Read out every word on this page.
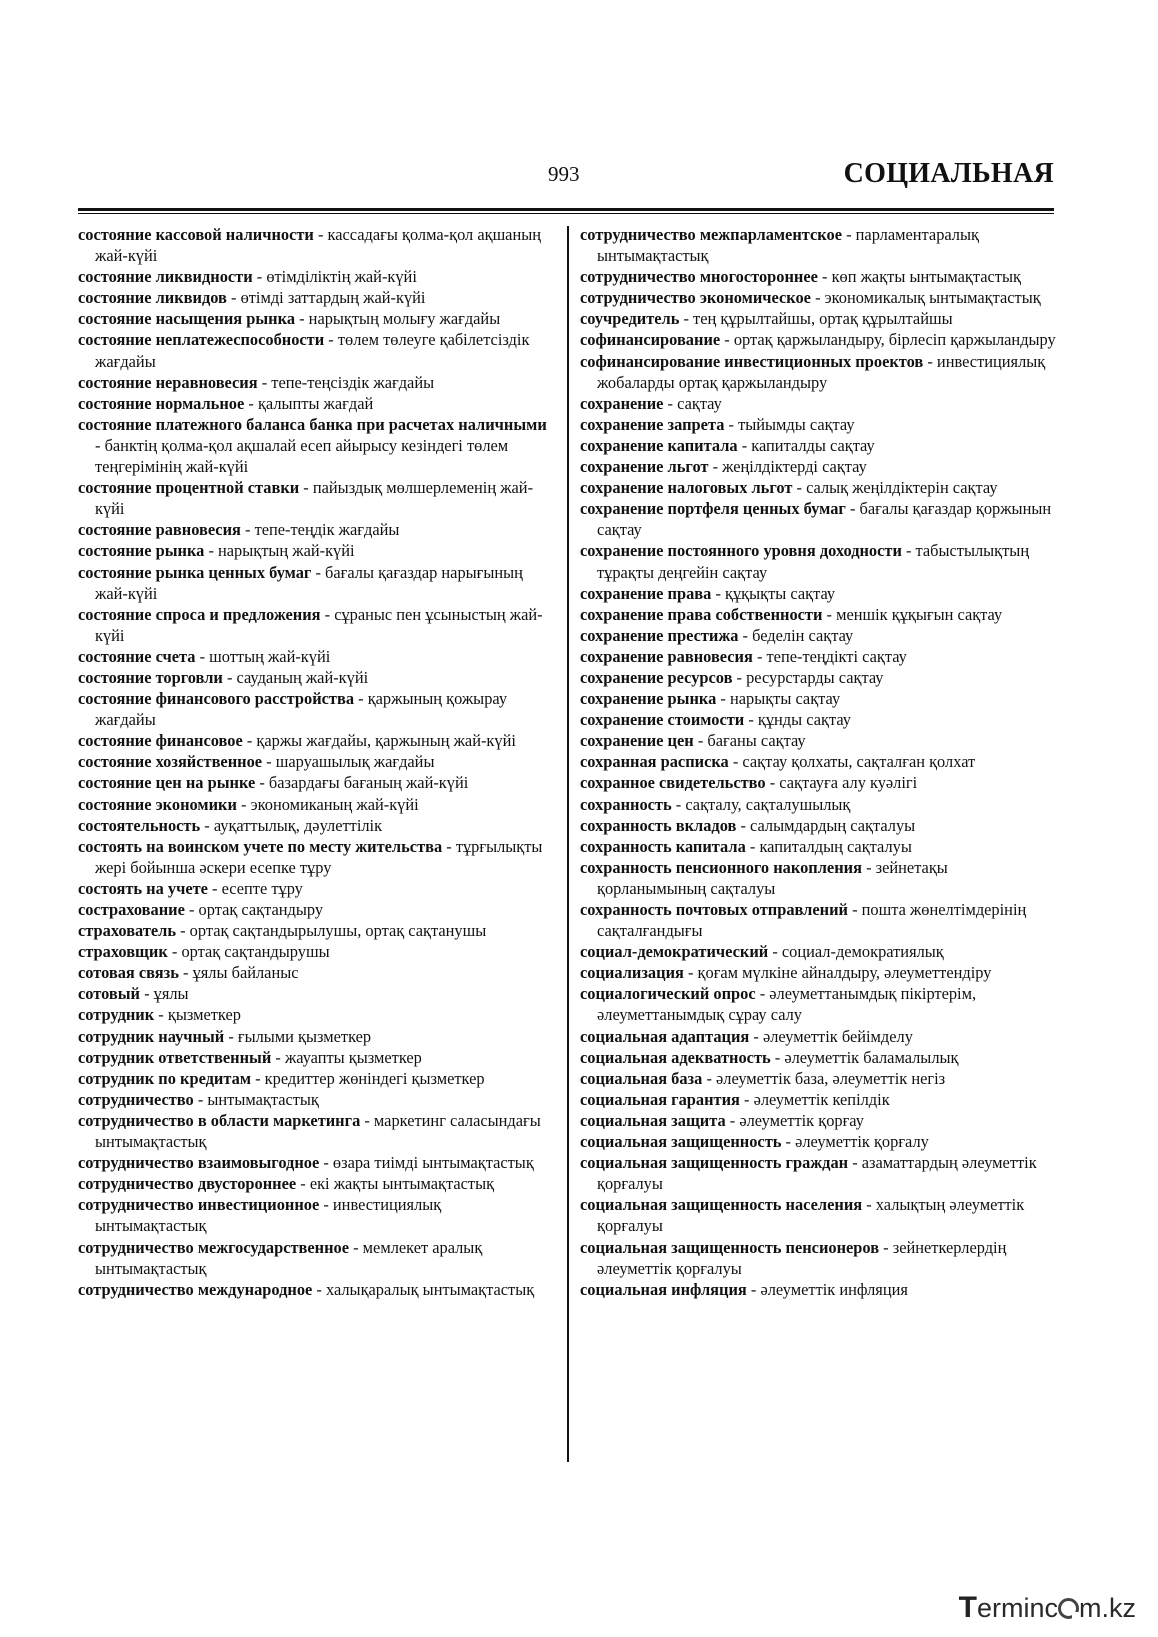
993	СОЦИАЛЬНАЯ
состояние кассовой наличности - кассадағы қолма-қол ақшаның жай-күйі
состояние ликвидности - өтімділіктің жай-күйі
состояние ликвидов - өтімді заттардың жай-күйі
состояние насыщения рынка - нарықтың молығу жағдайы
состояние неплатежеспособности - төлем төлеуге қабілетсіздік жағдайы
состояние неравновесия - тепе-теңсіздік жағдайы
состояние нормальное - қалыпты жағдай
состояние платежного баланса банка при расчетах наличными - банктің қолма-қол ақшалай есеп айырысу кезіндегі төлем теңгерімінің жай-күйі
состояние процентной ставки - пайыздық мөлшерлеменің жай-күйі
состояние равновесия - тепе-теңдік жағдайы
состояние рынка - нарықтың жай-күйі
состояние рынка ценных бумаг - бағалы қағаздар нарығының жай-күйі
состояние спроса и предложения - сұраныс пен ұсыныстың жай-күйі
состояние счета - шоттың жай-күйі
состояние торговли - сауданың жай-күйі
состояние финансового расстройства - қаржының қожырау жағдайы
состояние финансовое - қаржы жағдайы, қаржының жай-күйі
состояние хозяйственное - шаруашылық жағдайы
состояние цен на рынке - базардағы бағаның жай-күйі
состояние экономики - экономиканың жай-күйі
состоятельность - ауқаттылық, дәулеттілік
состоять на воинском учете по месту жительства - тұрғылықты жері бойынша әскери есепке тұру
состоять на учете - есепте тұру
сострахование - ортақ сақтандыру
страхователь - ортақ сақтандырылушы, ортақ сақтанушы
страховщик - ортақ сақтандырушы
сотовая связь - ұялы байланыс
сотовый - ұялы
сотрудник - қызметкер
сотрудник научный - ғылыми қызметкер
сотрудник ответственный - жауапты қызметкер
сотрудник по кредитам - кредиттер жөніндегі қызметкер
сотрудничество - ынтымақтастық
сотрудничество в области маркетинга - маркетинг саласындағы ынтымақтастық
сотрудничество взаимовыгодное - өзара тиімді ынтымақтастық
сотрудничество двустороннее - екі жақты ынтымақтастық
сотрудничество инвестиционное - инвестициялық ынтымақтастық
сотрудничество межгосударственное - мемлекет аралық ынтымақтастық
сотрудничество международное - халықаралық ынтымақтастық
сотрудничество межпарламентское - парламентаралық ынтымақтастық
сотрудничество многостороннее - көп жақты ынтымақтастық
сотрудничество экономическое - экономикалық ынтымақтастық
соучредитель - тең құрылтайшы, ортақ құрылтайшы
софинансирование - ортақ қаржыландыру, бірлесіп қаржыландыру
софинансирование инвестиционных проектов - инвестициялық жобаларды ортақ қаржыландыру
сохранение - сақтау
сохранение запрета - тыйымды сақтау
сохранение капитала - капиталды сақтау
сохранение льгот - жеңілдіктерді сақтау
сохранение налоговых льгот - салық жеңілдіктерін сақтау
сохранение портфеля ценных бумаг - бағалы қағаздар қоржынын сақтау
сохранение постоянного уровня доходности - табыстылықтың тұрақты деңгейін сақтау
сохранение права - құқықты сақтау
сохранение права собственности - меншік құқығын сақтау
сохранение престижа - беделін сақтау
сохранение равновесия - тепе-теңдікті сақтау
сохранение ресурсов - ресурстарды сақтау
сохранение рынка - нарықты сақтау
сохранение стоимости - құнды сақтау
сохранение цен - бағаны сақтау
сохранная расписка - сақтау қолхаты, сақталған қолхат
сохранное свидетельство - сақтауға алу куәлігі
сохранность - сақталу, сақталушылық
сохранность вкладов - салымдардың сақталуы
сохранность капитала - капиталдың сақталуы
сохранность пенсионного накопления - зейнетақы қорланымының сақталуы
сохранность почтовых отправлений - пошта жөнелтімдерінің сақталғандығы
социал-демократический - социал-демократиялық
социализация - қоғам мүлкіне айналдыру, әлеуметтендіру
социалогический опрос - әлеуметтанымдық пікіртерім, әлеуметтанымдық сұрау салу
социальная адаптация - әлеуметтік бейімделу
социальная адекватность - әлеуметтік баламалылық
социальная база - әлеуметтік база, әлеуметтік негіз
социальная гарантия - әлеуметтік кепілдік
социальная защита - әлеуметтік қорғау
социальная защищенность - әлеуметтік қорғалу
социальная защищенность граждан - азаматтардың әлеуметтік қорғалуы
социальная защищенность населения - халықтың әлеуметтік қорғалуы
социальная защищенность пенсионеров - зейнеткерлердің әлеуметтік қорғалуы
социальная инфляция - әлеуметтік инфляция
Terminc m.kz
